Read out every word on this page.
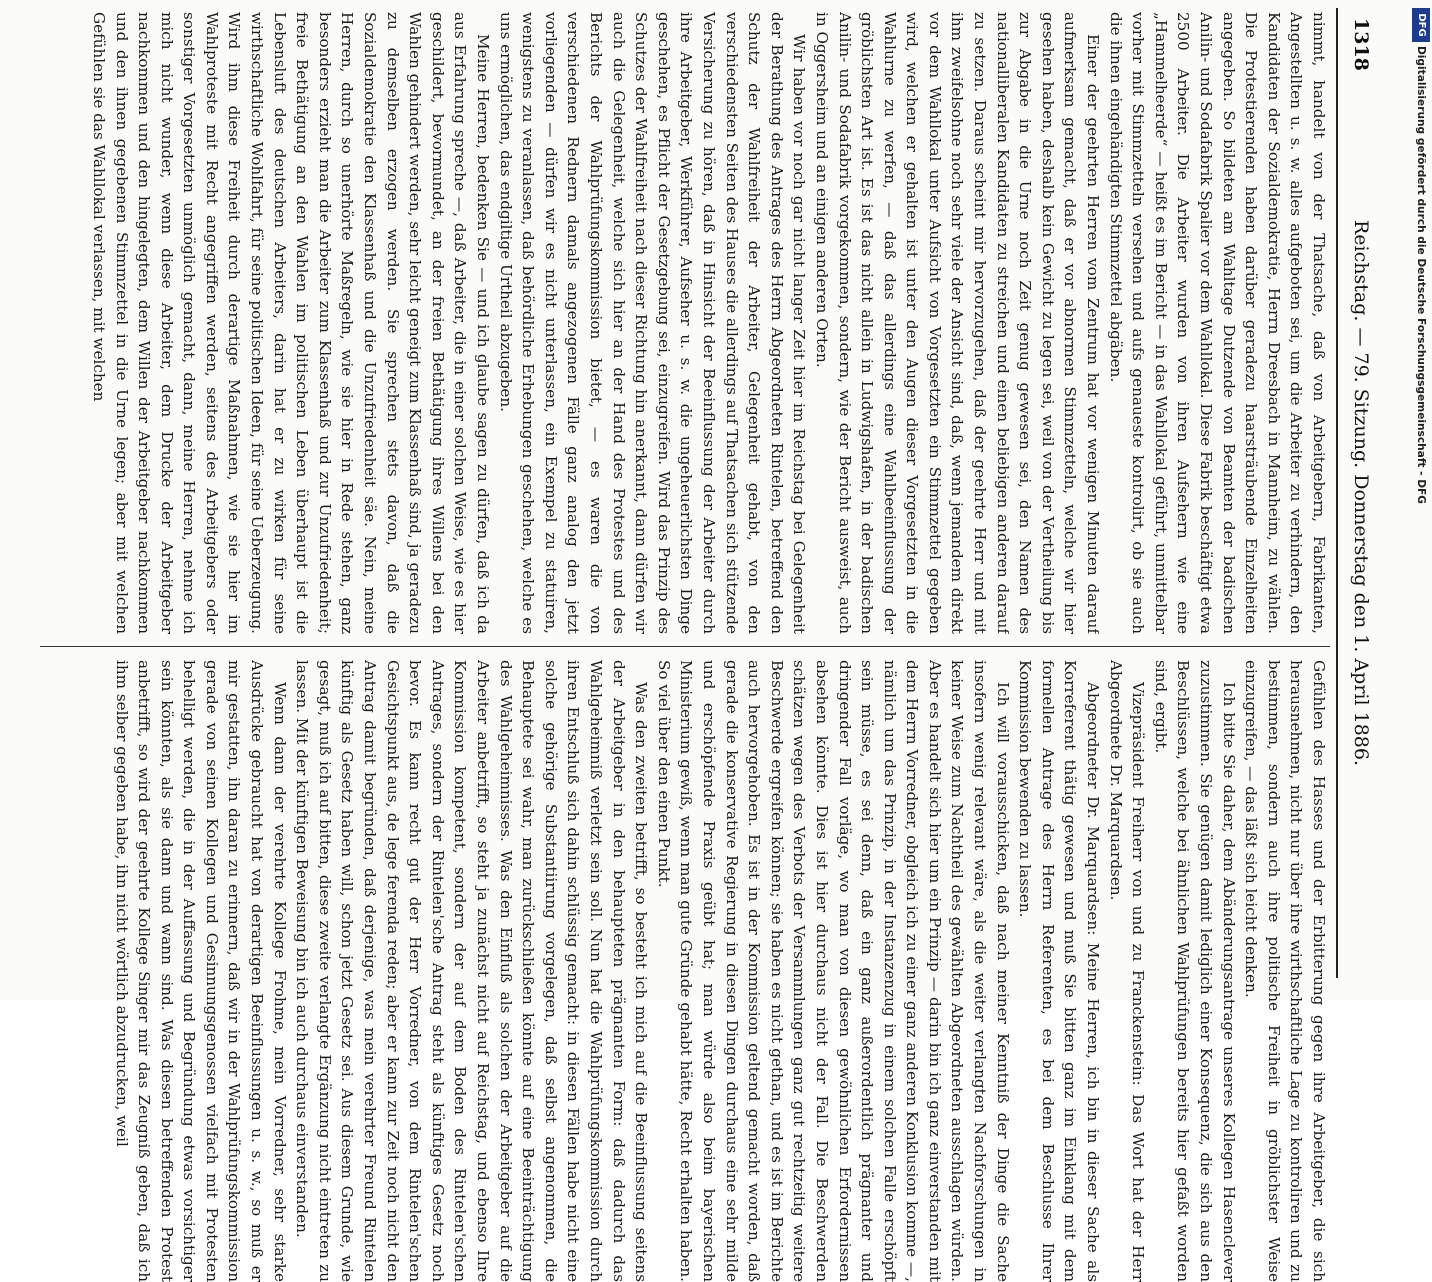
1318
Reichstag. — 79. Sitzung. Donnerstag den 1. April 1886.

nimmt, handelt von der Thatsache, daß von Arbeitgebern, Fabrikanten, Angestellten u. s. w. alles aufgeboten sei, um die Arbeiter zu verhindern, den Kandidaten der Sozialdemokratie, Herrn Dreesbach in Mannheim, zu wählen. Die Protestierenden haben darüber geradezu haarsträubende Einzelheiten angegeben. So bildeten am Wahltage Dutzende von Beamten der badischen Anilin- und Sodafabrik Spalier vor dem Wahllokal. Diese Fabrik beschäftigt etwa 2500 Arbeiter. Die Arbeiter wurden von ihren Aufsehern wie eine „Hammelheerde“ — heißt es im Bericht — in das Wahllokal geführt, unmittelbar vorher mit Stimmzetteln versehen und aufs genaueste kontrolirt, ob sie auch die ihnen eingehändigten Stimmzettel abgäben.

Einer der geehrten Herren vom Zentrum hat vor wenigen Minuten darauf aufmerksam gemacht, daß er vor abnormen Stimmzetteln, welche wir hier gesehen haben, deshalb kein Gewicht zu legen sei, weil von der Vertheilung bis zur Abgabe in die Urne noch Zeit genug gewesen sei, den Namen des nationalliberalen Kandidaten zu streichen und einen beliebigen anderen darauf zu setzen. Daraus scheint mir hervorzugehen, daß der geehrte Herr und mit ihm zweifelsohne noch sehr viele der Ansicht sind, daß, wenn jemandem direkt vor dem Wahllokal unter Aufsicht von Vorgesetzten ein Stimmzettel gegeben wird, welchen er gehalten ist unter den Augen dieser Vorgesetzten in die Wahlurne zu werfen, — daß das allerdings eine Wahlbeeinflussung der gröblichsten Art ist. Es ist das nicht allein in Ludwigshafen, in der badischen Anilin- und Sodafabrik vorgekommen, sondern, wie der Bericht ausweist, auch in Oggersheim und an einigen anderen Orten.

Wir haben vor noch gar nicht langer Zeit hier im Reichstag bei Gelegenheit der Berathung des Antrages des Herrn Abgeordneten Rintelen, betreffend den Schutz der Wahlfreiheit der Arbeiter, Gelegenheit gehabt, von den verschiedensten Seiten des Hauses die allerdings auf Thatsachen sich stützende Versicherung zu hören, daß in Hinsicht der Beeinflussung der Arbeiter durch ihre Arbeitgeber, Werkführer, Aufseher u. s. w. die ungeheuerlichsten Dinge geschehen, es Pflicht der Gesetzgebung sei, einzugreifen. Wird das Prinzip des Schutzes der Wahlfreiheit nach dieser Richtung hin anerkannt, dann dürfen wir auch die Gelegenheit, welche sich hier an der Hand des Protestes und des Berichts der Wahlprüfungskommission bietet, — es waren die von verschiedenen Rednern damals angezogenen Fälle ganz analog den jetzt vorliegenden — dürfen wir es nicht unterlassen, ein Exempel zu statuiren, wenigstens zu veranlassen, daß behördliche Erhebungen geschehen, welche es uns ermöglichen, das endgiltige Urtheil abzugeben.

Meine Herren, bedenken Sie — und ich glaube sagen zu dürfen, daß ich da aus Erfahrung spreche —, daß Arbeiter, die in einer solchen Weise, wie es hier geschildert, bevormundet, an der freien Bethätigung ihres Willens bei den Wahlen gehindert werden, sehr leicht geneigt zum Klassenhaß sind, ja geradezu zu demselben erzogen werden. Sie sprechen stets davon, daß die Sozialdemokratie den Klassenhaß und die Unzufriedenheit säe. Nein, meine Herren, durch so unerhörte Maßregeln, wie sie hier in Rede stehen, ganz besonders erzieht man die Arbeiter zum Klassenhaß und zur Unzufriedenheit; freie Bethätigung an den Wahlen im politischen Leben überhaupt ist die Lebensluft des deutschen Arbeiters, darin hat er zu wirken für seine wirthschaftliche Wohlfahrt, für seine politischen Ideen, für seine Ueberzeugung. Wird ihm diese Freiheit durch derartige Maßnahmen, wie sie hier im Wahlproteste mit Recht angegriffen werden, seitens des Arbeitgebers oder sonstiger Vorgesetzten unmöglich gemacht, dann, meine Herren, nehme ich mich nicht wunder, wenn diese Arbeiter, dem Drucke der Arbeitgeber nachkommen und den hingelegten, dem Willen der Arbeitgeber nachkommen und den ihnen gegebenen Stimmzettel in die Urne legen; aber mit welchen Gefühlen sie das Wahllokal verlassen, mit welchen

Gefühlen des Hasses und der Erbitterung gegen ihre Arbeitgeber, die sich herausnehmen, nicht nur über ihre wirthschaftliche Lage zu kontroliren und zu bestimmen, sondern auch ihre politische Freiheit in gröblichster Weise einzugreifen, — das läßt sich leicht denken.

Ich bitte Sie daher, dem Abänderungsantrage unseres Kollegen Hasenclever zuzustimmen. Sie genügen damit lediglich einer Konsequenz, die sich aus den Beschlüssen, welche bei ähnlichen Wahlprüfungen bereits hier gefaßt worden sind, ergibt.

Vizepräsident Freiherr von und zu Franckenstein: Das Wort hat der Herr Abgeordnete Dr. Marquardsen.

Abgeordneter Dr. Marquardsen: Meine Herren, ich bin in dieser Sache als Korreferent thätig gewesen und muß Sie bitten ganz im Einklang mit dem formellen Antrage des Herrn Referenten, es bei dem Beschlusse Ihrer Kommission bewenden zu lassen.

Ich will vorausschicken, daß nach meiner Kenntniß der Dinge die Sache insofern wenig relevant wäre, als die weiter verlangten Nachforschungen in keiner Weise zum Nachtheil des gewählten Abgeordneten ausschlagen würden. Aber es handelt sich hier um ein Prinzip — darin bin ich ganz einverstanden mit dem Herrn Vorredner, obgleich ich zu einer ganz anderen Konklusion komme —, nämlich um das Prinzip, in der Instanzenzug in einem solchen Falle erschöpft sein müsse, es sei denn, daß ein ganz außerordentlich prägnanter und dringender Fall vorläge, wo man von diesen gewöhnlichen Erfordernissen absehen könnte. Dies ist hier durchaus nicht der Fall. Die Beschwerden schätzen wegen des Verbots der Versammlungen ganz gut rechtzeitig weitere Beschwerde ergreifen können; sie haben es nicht gethan, und es ist im Berichte auch hervorgehoben. Es ist in der Kommission geltend gemacht worden, daß gerade die konservative Regierung in diesen Dingen durchaus eine sehr milde und erschöpfende Praxis geübt hat; man würde also beim bayerischen Ministerium gewiß, wenn man gute Gründe gehabt hätte, Recht erhalten haben. So viel über den einen Punkt.

Was den zweiten betrifft, so besteht ich mich auf die Beeinflussung seitens der Arbeitgeber in den behaupteten prägnanten Form: daß dadurch das Wahlgeheimniß verletzt sein soll. Nun hat die Wahlprüfungskommission durch ihren Entschluß sich dahin schlüssig gemacht: in diesen Fällen habe nicht eine solche gehörige Substantiirung vorgelegen, daß selbst angenommen, die Behauptete sei wahr, man zurückschließen könnte auf eine Beeinträchtigung des Wahlgeheimnisses. Was den Einfluß als solchen der Arbeitgeber auf die Arbeiter anbetrifft, so steht ja zunächst nicht auf Reichstag, und ebenso Ihre Kommission kompetent, sondern der auf dem Boden des Rintelen'schen Antrages, sondern der Rintelen'sche Antrag steht als künftiges Gesetz noch bevor. Es kann recht gut der Herr Vorredner, von dem Rintelen'schen Gesichtspunkt aus, de lege ferenda reden; aber er kann zur Zeit noch nicht den Antrag damit begründen, daß derjenige, was mein verehrter Freund Rintelen künftig als Gesetz haben will, schon jetzt Gesetz sei. Aus diesem Grunde, wie gesagt, muß ich auf bitten, diese zweite verlangte Ergänzung nicht eintreten zu lassen. Mit der künftigen Beweisung bin ich auch durchaus einverstanden.

Wenn dann der verehrte Kollege Frohme, mein Vorredner, sehr starke Ausdrücke gebraucht hat von derartigen Beeinflussungen u. s. w., so muß er mir gestatten, ihn daran zu erinnern, daß wir in der Wahlprüfungskommission gerade von seinen Kollegen und Gesinnungsgenossen vielfach mit Protesten behelligt werden, die in der Auffassung und Begründung etwas vorsichtiger sein könnten, als sie dann und wann sind. Was diesen betreffenden Protest anbetrifft, so wird der geehrte Kollege Singer mir das Zeugniß geben, daß ich ihm selber gegeben habe, ihn nicht wörtlich abzudrucken, weil

DFG
Digitalisierung gefördert durch die Deutsche Forschungsgemeinschaft - DFG
